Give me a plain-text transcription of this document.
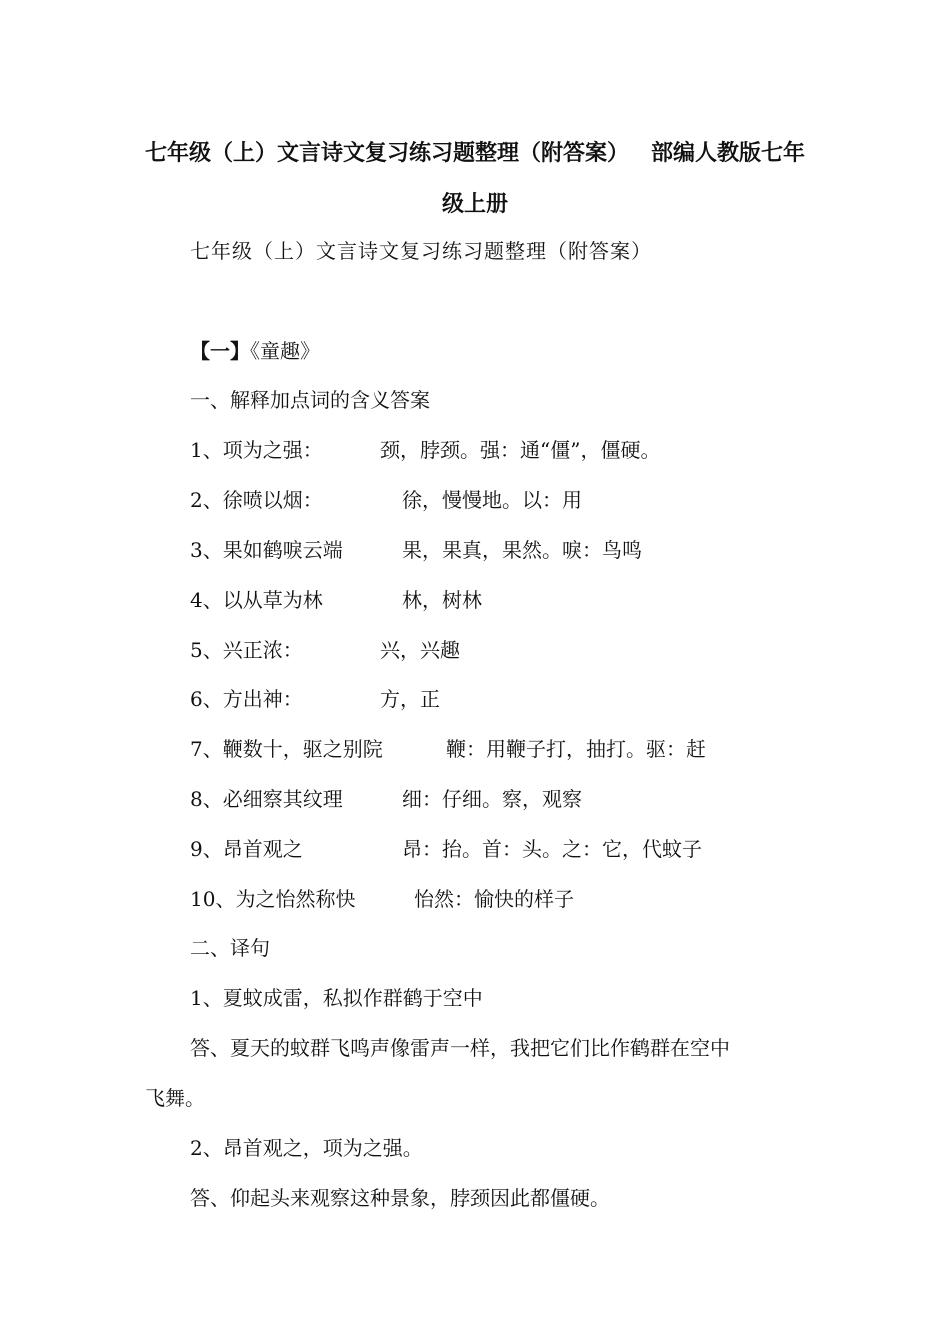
七年级（上）文言诗文复习练习题整理（附答案） 部编人教版七年
级上册
七年级（上）文言诗文复习练习题整理（附答案）
【一】《童趣》
一、解释加点词的含义答案
1、项为之强：	颈，脖颈。强：通“僵”，僵硬。
2、徐喷以烟：	徐，慢慢地。以：用
3、果如鹤唳云端	果，果真，果然。唳：鸟鸣
4、以从草为林	林，树林
5、兴正浓：	兴，兴趣
6、方出神：	方，正
7、鞭数十，驱之别院	鞭：用鞭子打，抽打。驱：赶
8、必细察其纹理	细：仔细。察，观察
9、昂首观之	昂：抬。首：头。之：它，代蚊子
10、为之怡然称快	怡然：愉快的样子
二、译句
1、夏蚊成雷，私拟作群鹤于空中
答、夏天的蚊群飞鸣声像雷声一样，我把它们比作鹤群在空中
飞舞。
2、昂首观之，项为之强。
答、仰起头来观察这种景象，脖颈因此都僵硬。
